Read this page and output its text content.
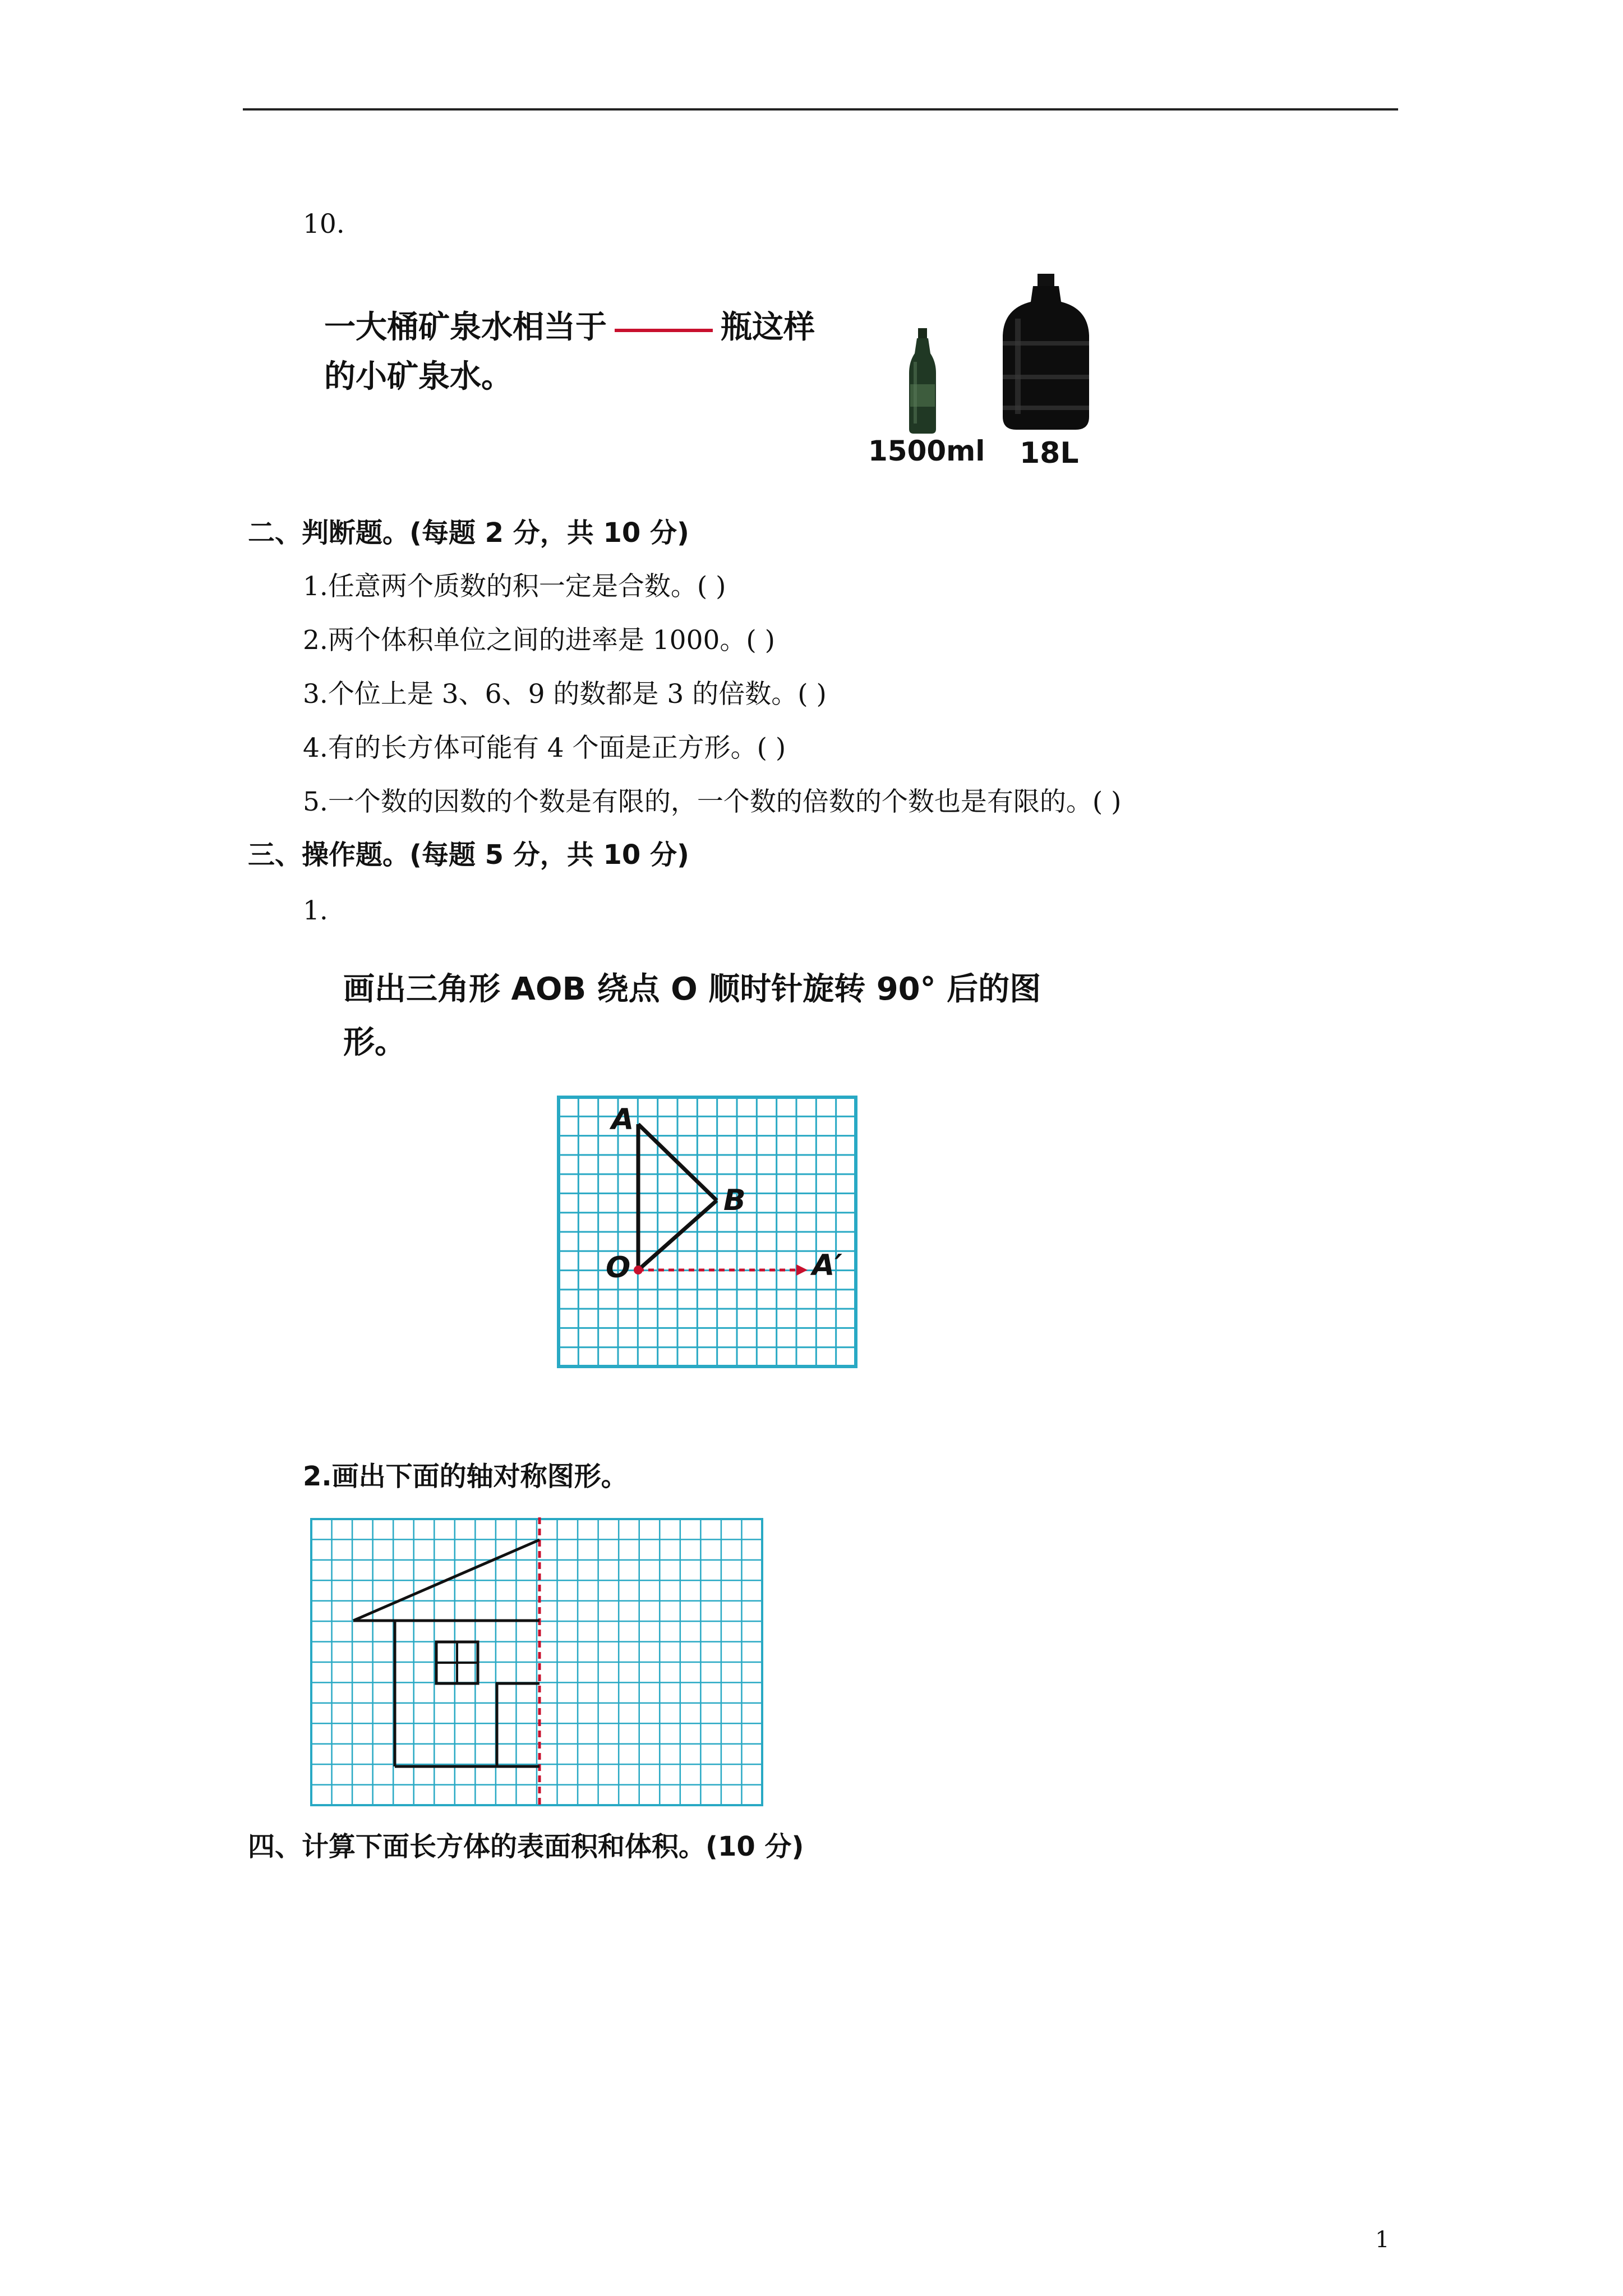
10.
一大桶矿泉水相当于	瓶这样
的小矿泉水。
1500ml 18L
二、判断题。(每题 2 分，共 10 分)
1.任意两个质数的积一定是合数。( )
2.两个体积单位之间的进率是 1000。( )
3.个位上是 3、6、9 的数都是 3 的倍数。( )
4.有的长方体可能有 4 个面是正方形。( )
5.一个数的因数的个数是有限的，一个数的倍数的个数也是有限的。( )
三、操作题。(每题 5 分，共 10 分)
1.
画出三角形 AOB 绕点 O 顺时针旋转 90° 后的图
形。
A
B
O	A′
2.画出下面的轴对称图形。
四、计算下面长方体的表面积和体积。(10 分)
1
